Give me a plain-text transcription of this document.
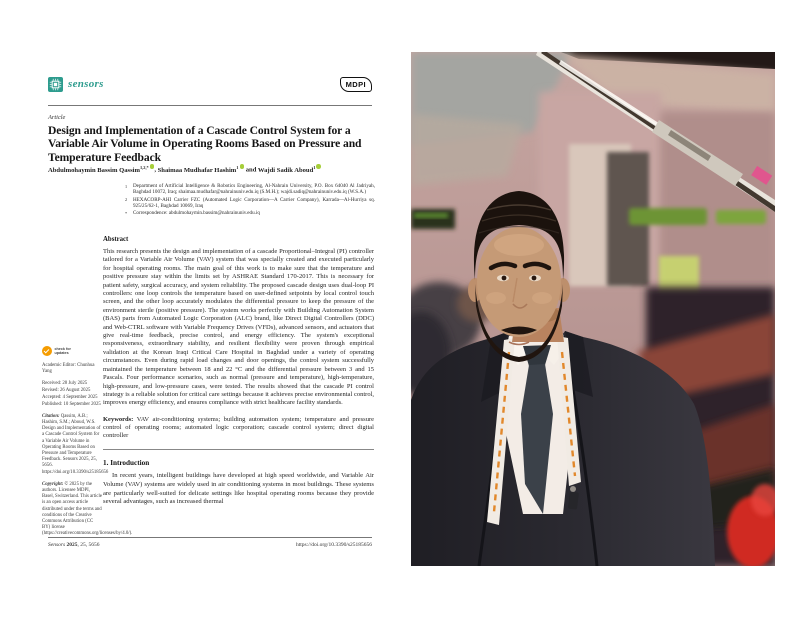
sensors	MDPI
Article
Design and Implementation of a Cascade Control System for a Variable Air Volume in Operating Rooms Based on Pressure and Temperature Feedback
Abdulmohaymin Bassim Qassim$^{1,2,*}$ , Shaimaa Mudhafar Hashim$^1$ and Wajdi Sadik Aboud$^1$
1	Department of Artificial Intelligence & Robotics Engineering, Al-Nahrain University, P.O. Box 64040 Al Jadriyah, Baghdad 10072, Iraq; shaimaa.mudhafar@nahrainuniv.edu.iq (S.M.H.); wajdi.sadiq@nahrainuniv.edu.iq (W.S.A.)
2	HEXACORP-AHI Carrier FZC (Automated Logic Corporation—A Carrier Company), Karrada—Al-Hurriya sq. 925/25/62-1, Baghdad 10069, Iraq
*	Correspondence: abdulmohaymin.bassim@nahrainuniv.edu.iq
check for
updates
Academic Editor: Chunhua Yang
Received: 28 July 2025
Revised: 26 August 2025
Accepted: 4 September 2025
Published: 10 September 2025
Citation: Qassim, A.B.; Hashim, S.M.; Aboud, W.S. Design and Implementation of a Cascade Control System for a Variable Air Volume in Operating Rooms Based on Pressure and Temperature Feedback. Sensors 2025, 25, 5656. https://doi.org/10.3390/s25185656
Copyright: © 2025 by the authors. Licensee MDPI, Basel, Switzerland. This article is an open access article distributed under the terms and conditions of the Creative Commons Attribution (CC BY) license (https://creativecommons.org/licenses/by/4.0/).
Abstract

This research presents the design and implementation of a cascade Proportional–Integral (PI) controller tailored for a Variable Air Volume (VAV) system that was specially created and executed particularly for hospital operating rooms. The main goal of this work is to make sure that the temperature and positive pressure stay within the limits set by ASHRAE Standard 170-2017. This is necessary for patient safety, surgical accuracy, and system reliability. The proposed cascade design uses dual-loop PI controllers: one loop controls the temperature based on user-defined setpoints by local control touch screen, and the other loop accurately modulates the differential pressure to keep the pressure of the environment sterile (positive pressure). The system works perfectly with Building Automation System (BAS) parts from Automated Logic Corporation (ALC) brand, like Direct Digital Controllers (DDC) and Web-CTRL software with Variable Frequency Drives (VFDs), advanced sensors, and actuators that give real-time feedback, precise control, and energy efficiency. The system's exceptional responsiveness, extraordinary stability, and resilient flexibility were proven through empirical validation at the Korean Iraqi Critical Care Hospital in Baghdad under a variety of operating circumstances. Even during rapid load changes and door openings, the control system successfully maintained the temperature between 18 and 22 °C and the differential pressure between 3 and 15 Pascals. Four performance scenarios, such as normal (pressure and temperature), high-temperature, high-pressure, and low-pressure cases, were tested. The results showed that the cascade PI control strategy is a reliable solution for critical care settings because it achieves precise environmental control, improves energy efficiency, and ensures compliance with strict healthcare facility standards.

Keywords: VAV air-conditioning systems; building automation system; temperature and pressure control of operating rooms; automated logic corporation; cascade control system; direct digital controller

1. Introduction

In recent years, intelligent buildings have developed at high speed worldwide, and Variable Air Volume (VAV) systems are widely used in air conditioning systems in most buildings. These systems are particularly well-suited for delicate settings like hospital operating rooms because they provide several advantages, such as increased thermal

Sensors 2025, 25, 5656	https://doi.org/10.3390/s25185656
